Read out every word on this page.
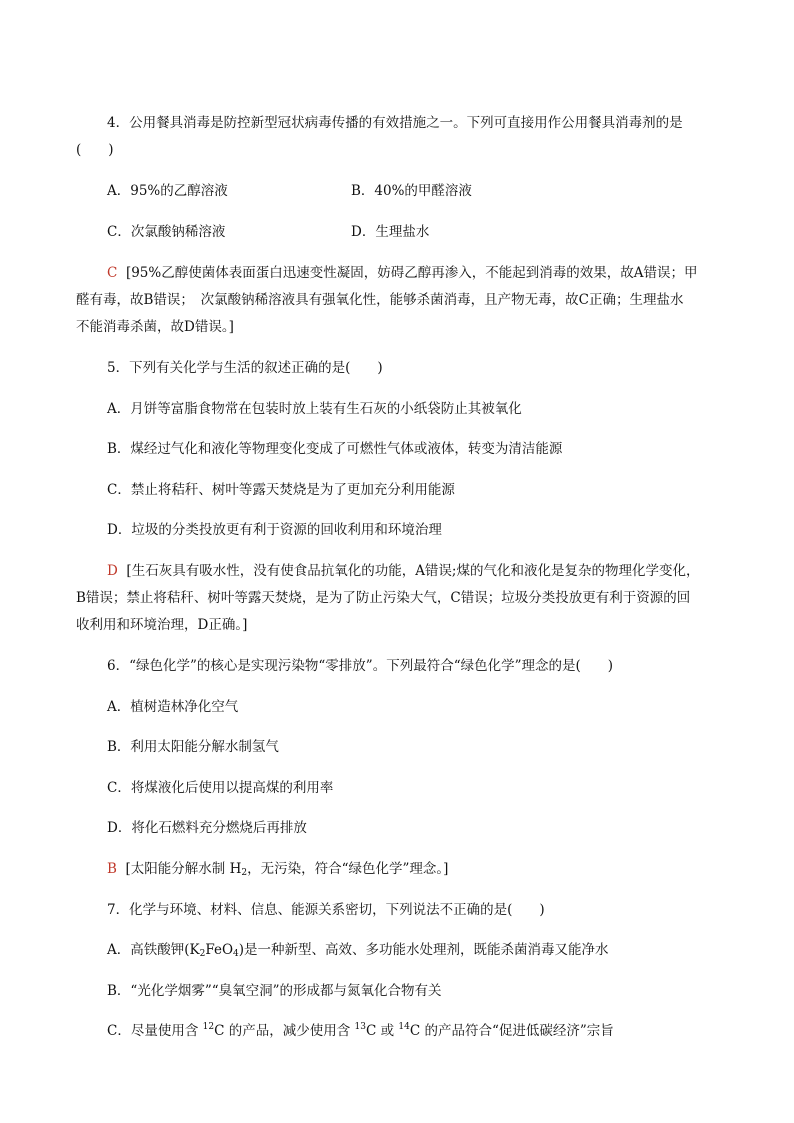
4．公用餐具消毒是防控新型冠状病毒传播的有效措施之一。下列可直接用作公用餐具消毒剂的是
(　　)
A．95%的乙醇溶液	B．40%的甲醛溶液
C．次氯酸钠稀溶液	D．生理盐水
C [95%乙醇使菌体表面蛋白迅速变性凝固，妨碍乙醇再渗入，不能起到消毒的效果，故A错误；甲
醛有毒，故B错误；　次氯酸钠稀溶液具有强氧化性，能够杀菌消毒，且产物无毒，故C正确；生理盐水
不能消毒杀菌，故D错误。]
5．下列有关化学与生活的叙述正确的是(　　)
A．月饼等富脂食物常在包装时放上装有生石灰的小纸袋防止其被氧化
B．煤经过气化和液化等物理变化变成了可燃性气体或液体，转变为清洁能源
C．禁止将秸秆、树叶等露天焚烧是为了更加充分利用能源
D．垃圾的分类投放更有利于资源的回收利用和环境治理
D [生石灰具有吸水性，没有使食品抗氧化的功能，A错误;煤的气化和液化是复杂的物理化学变化，
B错误；禁止将秸秆、树叶等露天焚烧，是为了防止污染大气，C错误；垃圾分类投放更有利于资源的回
收利用和环境治理，D正确。]
6．“绿色化学”的核心是实现污染物“零排放”。下列最符合“绿色化学”理念的是(　　)
A．植树造林净化空气
B．利用太阳能分解水制氢气
C．将煤液化后使用以提高煤的利用率
D．将化石燃料充分燃烧后再排放
B [太阳能分解水制 $H_2$，无污染，符合“绿色化学”理念。]
7．化学与环境、材料、信息、能源关系密切，下列说法不正确的是(　　)
A．高铁酸钾$(K_2FeO_4)$是一种新型、高效、多功能水处理剂，既能杀菌消毒又能净水
B．“光化学烟雾”“臭氧空洞”的形成都与氮氧化合物有关
C．尽量使用含 $^{12}$C 的产品，减少使用含 $^{13}$C 或 $^{14}$C 的产品符合“促进低碳经济”宗旨
